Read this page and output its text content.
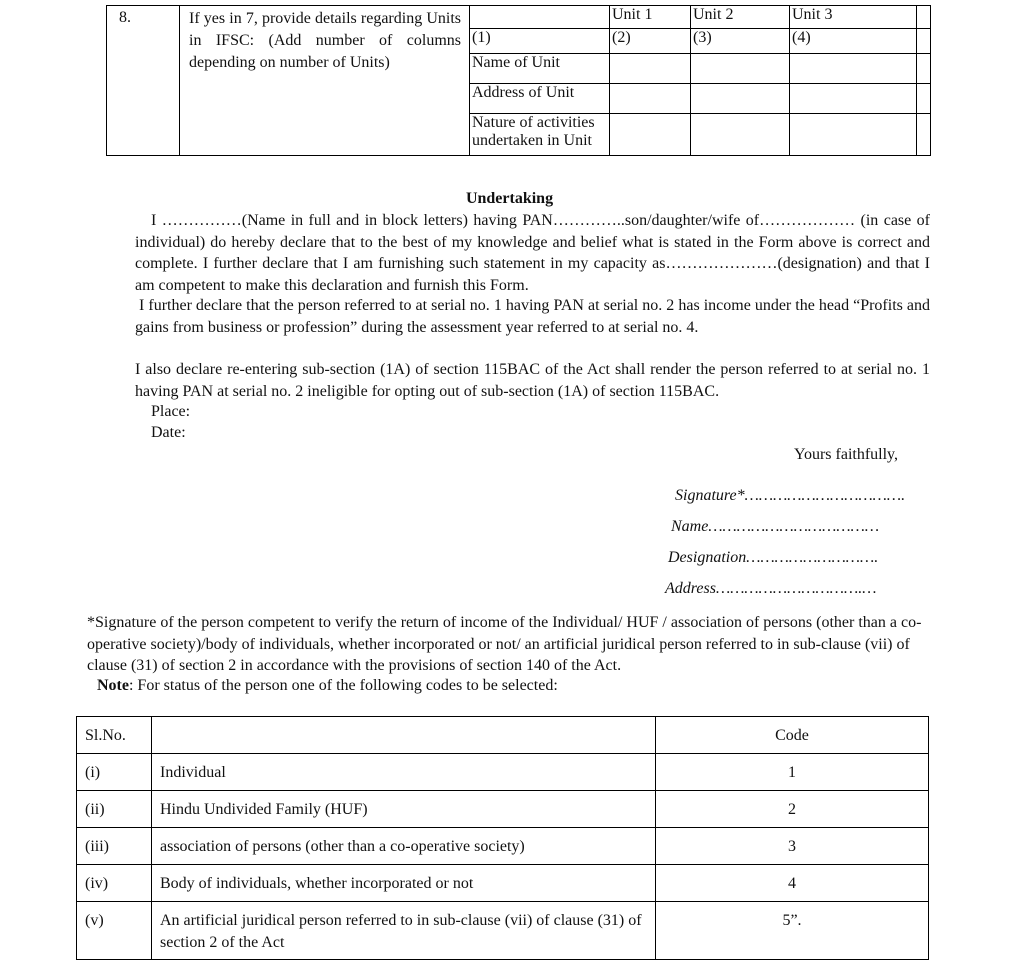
8.	If yes in 7, provide details regarding Units in IFSC: (Add number of columns depending on number of Units)	
	Unit 1	Unit 2	Unit 3	
(1)	(2)	(3)	(4)	
Name of Unit				
Address of Unit				
Nature of activities undertaken in Unit				
Undertaking
I ……………(Name in full and in block letters) having PAN…………..son/daughter/wife of……………… (in case of individual) do hereby declare that to the best of my knowledge and belief what is stated in the Form above is correct and complete. I further declare that I am furnishing such statement in my capacity as…………………(designation) and that I am competent to make this declaration and furnish this Form.
I further declare that the person referred to at serial no. 1 having PAN at serial no. 2 has income under the head “Profits and gains from business or profession” during the assessment year referred to at serial no. 4.
I also declare re-entering sub-section (1A) of section 115BAC of the Act shall render the person referred to at serial no. 1 having PAN at serial no. 2 ineligible for opting out of sub-section (1A) of section 115BAC.
Place:
Date:
Yours faithfully,
Signature*…………………………….
Name………………………………
Designation……………………….
Address………………………….…
*Signature of the person competent to verify the return of income of the Individual/ HUF / association of persons (other than a co-operative society)/body of individuals, whether incorporated or not/ an artificial juridical person referred to in sub-clause (vii) of clause (31) of section 2 in accordance with the provisions of section 140 of the Act.
Note: For status of the person one of the following codes to be selected:
Sl.No.		Code
(i)	Individual	1
(ii)	Hindu Undivided Family (HUF)	2
(iii)	association of persons (other than a co-operative society)	3
(iv)	Body of individuals, whether incorporated or not	4
(v)	An artificial juridical person referred to in sub-clause (vii) of clause (31) of section 2 of the Act	5”.
